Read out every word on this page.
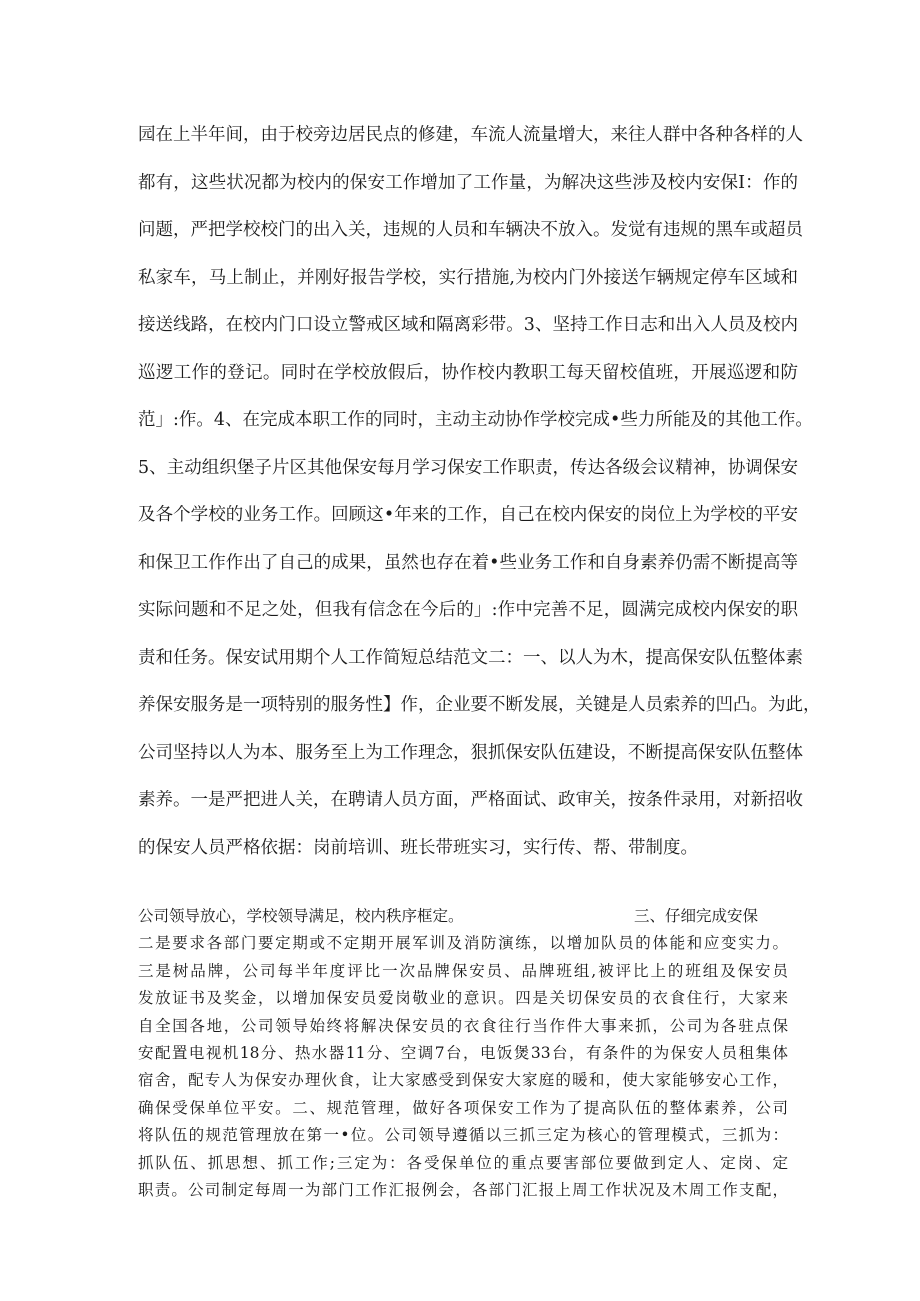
园在上半年间，由于校旁边居民点的修建，车流人流量增大，来往人群中各种各样的人
都有，这些状况都为校内的保安工作增加了工作量，为解决这些涉及校内安保I：作的
问题，严把学校校门的出入关，违规的人员和车辆决不放入。发觉有违规的黑车或超员
私家车，马上制止，并刚好报告学校，实行措施,为校内门外接送乍辆规定停车区域和
接送线路，在校内门口设立警戒区域和隔离彩带。3、坚持工作日志和出入人员及校内
巡逻工作的登记。同时在学校放假后，协作校内教职工每天留校值班，开展巡逻和防
范」:作。4、在完成本职工作的同时，主动主动协作学校完成•些力所能及的其他工作。
5、主动组织堡子片区其他保安每月学习保安工作职责，传达各级会议精神，协调保安
及各个学校的业务工作。回顾这•年来的工作，自己在校内保安的岗位上为学校的平安
和保卫工作作出了自己的成果，虽然也存在着•些业务工作和自身素养仍需不断提高等
实际问题和不足之处，但我有信念在今后的」:作中完善不足，圆满完成校内保安的职
责和任务。保安试用期个人工作简短总结范文二：一、以人为木，提高保安队伍整体素
养保安服务是一项特别的服务性】作，企业要不断发展，关键是人员索养的凹凸。为此，
公司坚持以人为本、服务至上为工作理念，狠抓保安队伍建设，不断提高保安队伍整体
素养。一是严把进人关，在聘请人员方面，严格面试、政审关，按条件录用，对新招收
的保安人员严格依据：岗前培训、班长带班实习，实行传、帮、带制度。
公司领导放心，学校领导满足，校内秩序框定。	三、仔细完成安保
二是要求各部门要定期或不定期开展军训及消防演练，以增加队员的体能和应变实力。
三是树品牌，公司每半年度评比一次品牌保安员、品牌班组,被评比上的班组及保安员
发放证书及奖金，以增加保安员爱岗敬业的意识。四是关切保安员的衣食住行，大家来
自全国各地，公司领导始终将解决保安员的衣食往行当作件大事来抓，公司为各驻点保
安配置电视机18分、热水器11分、空调7台，电饭煲33台，有条件的为保安人员租集体
宿舍，配专人为保安办理伙食，让大家感受到保安大家庭的暖和，使大家能够安心工作，
确保受保单位平安。二、规范管理，做好各项保安工作为了提高队伍的整体素养，公司
将队伍的规范管理放在第一•位。公司领导遵循以三抓三定为核心的管理模式，三抓为：
抓队伍、抓思想、抓工作;三定为：各受保单位的重点要害部位要做到定人、定岗、定
职责。公司制定每周一为部门工作汇报例会，各部门汇报上周工作状况及木周工作支配，
